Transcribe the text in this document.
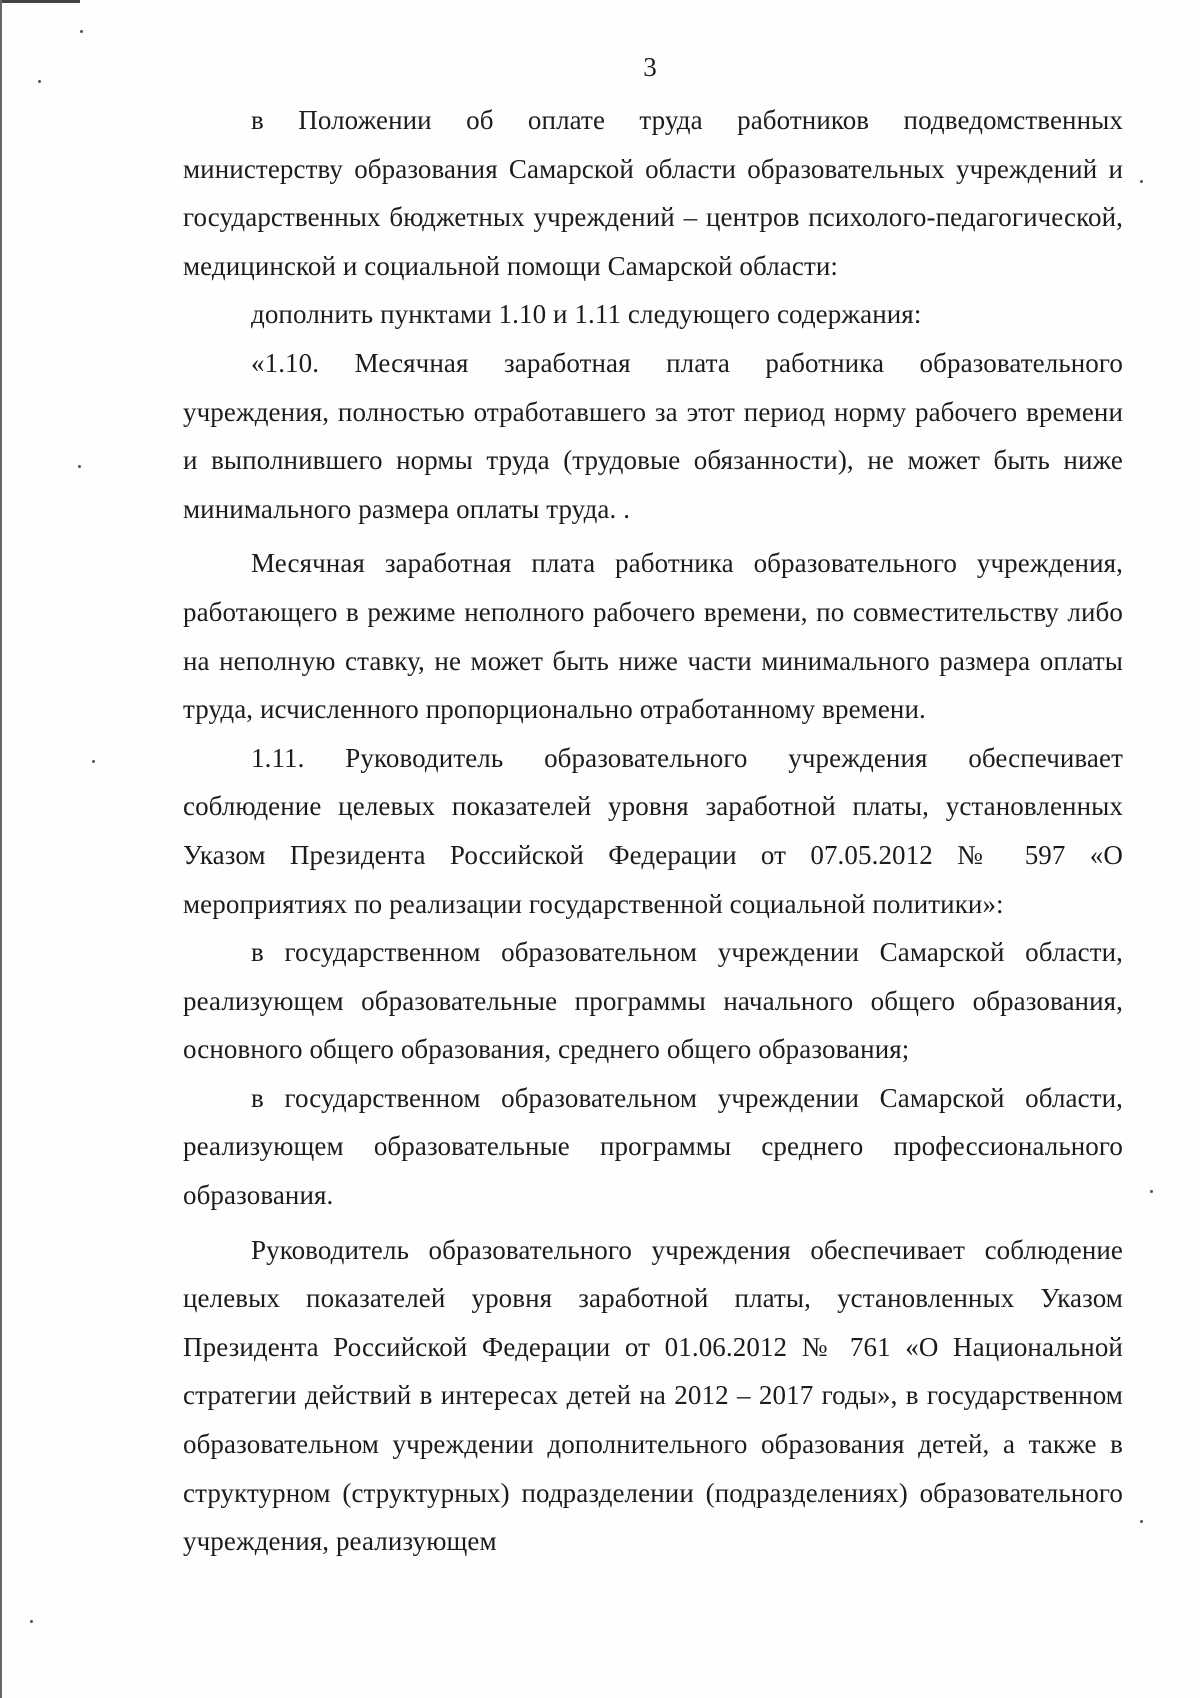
3

в Положении об оплате труда работников подведомственных министерству образования Самарской области образовательных учреждений и государственных бюджетных учреждений – центров психолого-педагогической, медицинской и социальной помощи Самарской области:

дополнить пунктами 1.10 и 1.11 следующего содержания:

«1.10. Месячная заработная плата работника образовательного учреждения, полностью отработавшего за этот период норму рабочего времени и выполнившего нормы труда (трудовые обязанности), не может быть ниже минимального размера оплаты труда. .

Месячная заработная плата работника образовательного учреждения, работающего в режиме неполного рабочего времени, по совместительству либо на неполную ставку, не может быть ниже части минимального размера оплаты труда, исчисленного пропорционально отработанному времени.

1.11. Руководитель образовательного учреждения обеспечивает соблюдение целевых показателей уровня заработной платы, установленных Указом Президента Российской Федерации от 07.05.2012 № 597 «О мероприятиях по реализации государственной социальной политики»:

в государственном образовательном учреждении Самарской области, реализующем образовательные программы начального общего образования, основного общего образования, среднего общего образования;

в государственном образовательном учреждении Самарской области, реализующем образовательные программы среднего профессионального образования.

Руководитель образовательного учреждения обеспечивает соблюдение целевых показателей уровня заработной платы, установленных Указом Президента Российской Федерации от 01.06.2012 № 761 «О Национальной стратегии действий в интересах детей на 2012 – 2017 годы», в государственном образовательном учреждении дополнительного образования детей, а также в структурном (структурных) подразделении (подразделениях) образовательного учреждения, реализующем
